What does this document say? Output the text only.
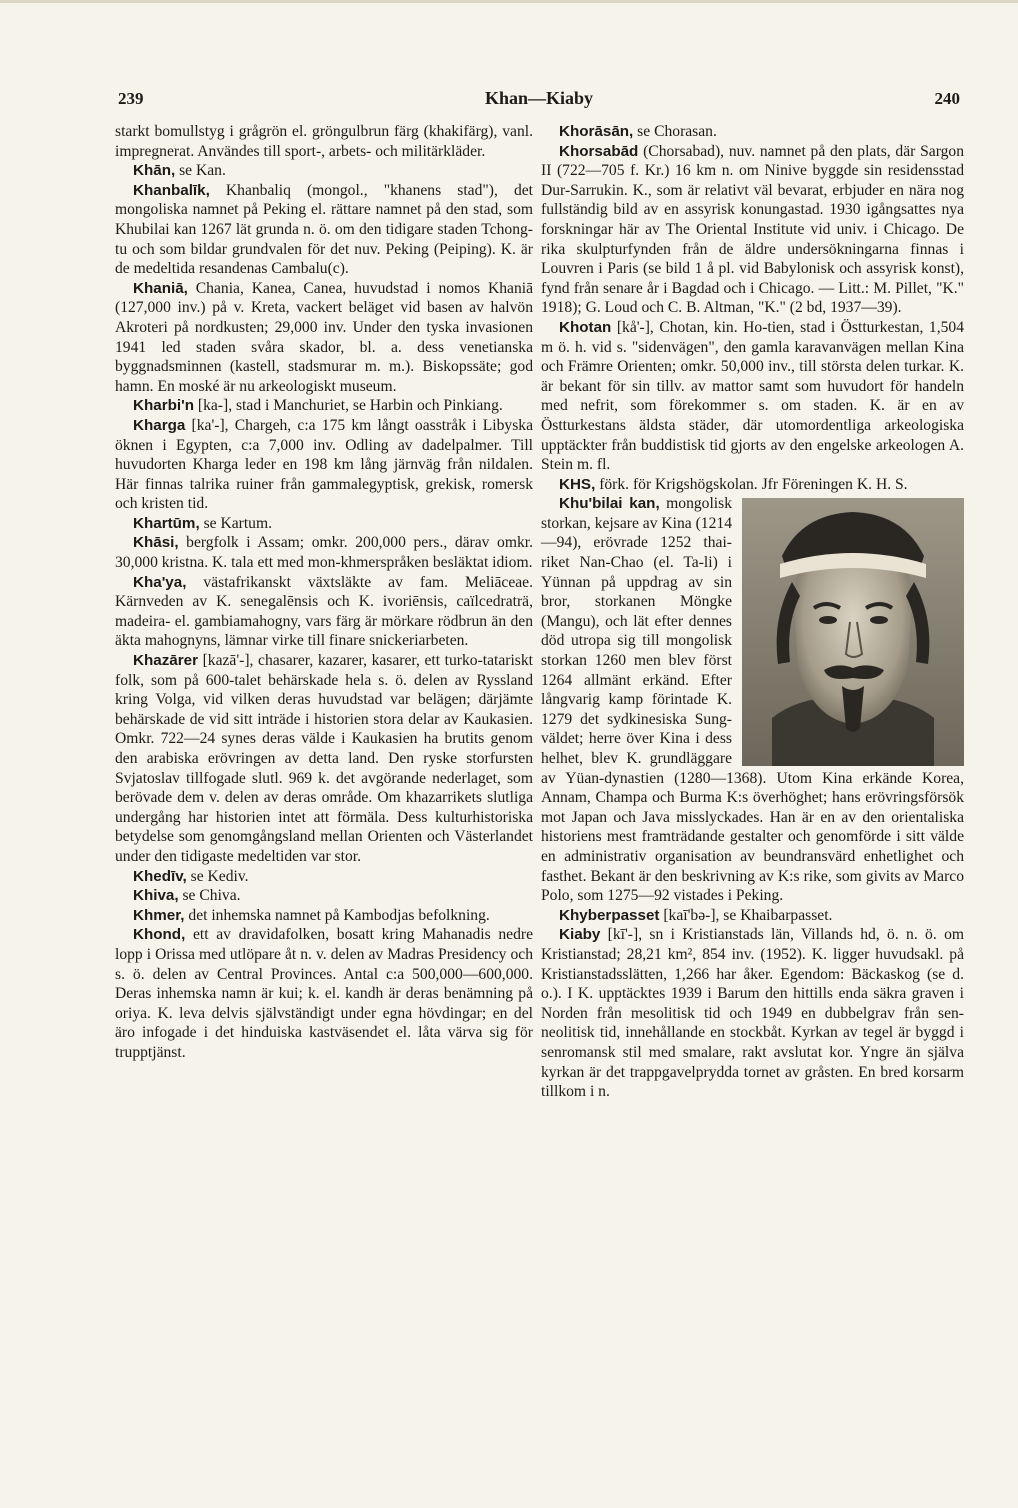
239	Khan—Kiaby	240

starkt bomullstyg i grågrön el. gröngulbrun färg (khakifärg), vanl. impregnerat. Användes till sport-, arbets- och militärkläder.

Khān, se Kan.

Khanbalīk, Khanbaliq (mongol., "khanens stad"), det mongoliska namnet på Peking el. rättare namnet på den stad, som Khubilai kan 1267 lät grunda n. ö. om den tidigare staden Tchong-tu och som bildar grundvalen för det nuv. Peking (Peiping). K. är de medeltida resandenas Cambalu(c).

Khaniā, Chania, Kanea, Canea, huvudstad i nomos Khaniā (127,000 inv.) på v. Kreta, vackert beläget vid basen av halvön Akroteri på nordkusten; 29,000 inv. Under den tyska invasionen 1941 led staden svåra skador, bl. a. dess venetianska byggnadsminnen (kastell, stadsmurar m. m.). Biskopssäte; god hamn. En moské är nu arkeologiskt museum.

Kharbi'n [ka-], stad i Manchuriet, se Harbin och Pinkiang.

Kharga [ka'-], Chargeh, c:a 175 km långt oasstråk i Libyska öknen i Egypten, c:a 7,000 inv. Odling av dadelpalmer. Till huvudorten Kharga leder en 198 km lång järnväg från nildalen. Här finnas talrika ruiner från gammalegyptisk, grekisk, romersk och kristen tid.

Khartūm, se Kartum.

Khāsi, bergfolk i Assam; omkr. 200,000 pers., därav omkr. 30,000 kristna. K. tala ett med mon-khmerspråken besläktat idiom.

Kha'ya, västafrikanskt växtsläkte av fam. Meliāceae. Kärnveden av K. senegalēnsis och K. ivoriēnsis, caïlcedraträ, madeira- el. gambiamahogny, vars färg är mörkare rödbrun än den äkta mahognyns, lämnar virke till finare snickeriarbeten.

Khazārer [kazā'-], chasarer, kazarer, kasarer, ett turko-tatariskt folk, som på 600-talet behärskade hela s. ö. delen av Ryssland kring Volga, vid vilken deras huvudstad var belägen; därjämte behärskade de vid sitt inträde i historien stora delar av Kaukasien. Omkr. 722—24 synes deras välde i Kaukasien ha brutits genom den arabiska erövringen av detta land. Den ryske storfursten Svjatoslav tillfogade slutl. 969 k. det avgörande nederlaget, som berövade dem v. delen av deras område. Om khazarrikets slutliga undergång har historien intet att förmäla. Dess kulturhistoriska betydelse som genomgångsland mellan Orienten och Västerlandet under den tidigaste medeltiden var stor.

Khedīv, se Kediv.

Khiva, se Chiva.

Khmer, det inhemska namnet på Kambodjas befolkning.

Khond, ett av dravidafolken, bosatt kring Mahanadis nedre lopp i Orissa med utlöpare åt n. v. delen av Madras Presidency och s. ö. delen av Central Provinces. Antal c:a 500,000—600,000. Deras inhemska namn är kui; k. el. kandh är deras benämning på oriya. K. leva delvis självständigt under egna hövdingar; en del äro infogade i det hinduiska kastväsendet el. låta värva sig för trupptjänst.

Khorāsān, se Chorasan.

Khorsabād (Chorsabad), nuv. namnet på den plats, där Sargon II (722—705 f. Kr.) 16 km n. om Ninive byggde sin residensstad Dur-Sarrukin. K., som är relativt väl bevarat, erbjuder en nära nog fullständig bild av en assyrisk konungastad. 1930 igångsattes nya forskningar här av The Oriental Institute vid univ. i Chicago. De rika skulpturfynden från de äldre undersökningarna finnas i Louvren i Paris (se bild 1 å pl. vid Babylonisk och assyrisk konst), fynd från senare år i Bagdad och i Chicago. — Litt.: M. Pillet, "K." 1918); G. Loud och C. B. Altman, "K." (2 bd, 1937—39).

Khotan [kå'-], Chotan, kin. Ho-tien, stad i Östturkestan, 1,504 m ö. h. vid s. "sidenvägen", den gamla karavanvägen mellan Kina och Främre Orienten; omkr. 50,000 inv., till största delen turkar. K. är bekant för sin tillv. av mattor samt som huvudort för handeln med nefrit, som förekommer s. om staden. K. är en av Östturkestans äldsta städer, där utomordentliga arkeologiska upptäckter från buddistisk tid gjorts av den engelske arkeologen A. Stein m. fl.

KHS, förk. för Krigshögskolan. Jfr Föreningen K. H. S.

Khu'bilai kan,
mongolisk storkan, kejsare av Kina (1214—94), erövrade 1252 thai-riket Nan-Chao (el. Ta-li) i Yünnan på uppdrag av sin bror, storkanen Möngke (Mangu), och lät efter dennes död utropa sig till mongolisk storkan 1260 men blev först 1264 allmänt erkänd. Efter långvarig kamp förintade K. 1279 det sydkinesiska Sung-väldet; herre över Kina i dess helhet, blev K. grundläggare av Yüan-dynastien (1280—1368). Utom Kina erkände Korea, Annam, Champa och Burma K:s överhöghet; hans erövringsförsök mot Japan och Java misslyckades. Han är en av den orientaliska historiens mest framträdande gestalter och genomförde i sitt välde en administrativ organisation av beundransvärd enhetlighet och fasthet. Bekant är den beskrivning av K:s rike, som givits av Marco Polo, som 1275—92 vistades i Peking.

Khyberpasset [kaī'bə-], se Khaibarpasset.

Kiaby [kī'-], sn i Kristianstads län, Villands hd, ö. n. ö. om Kristianstad; 28,21 km², 854 inv. (1952). K. ligger huvudsakl. på Kristianstadsslätten, 1,266 har åker. Egendom: Bäckaskog (se d. o.). I K. upptäcktes 1939 i Barum den hittills enda säkra graven i Norden från mesolitisk tid och 1949 en dubbelgrav från sen-neolitisk tid, innehållande en stockbåt. Kyrkan av tegel är byggd i senromansk stil med smalare, rakt avslutat kor. Yngre än själva kyrkan är det trappgavelprydda tornet av gråsten. En bred korsarm tillkom i n.
